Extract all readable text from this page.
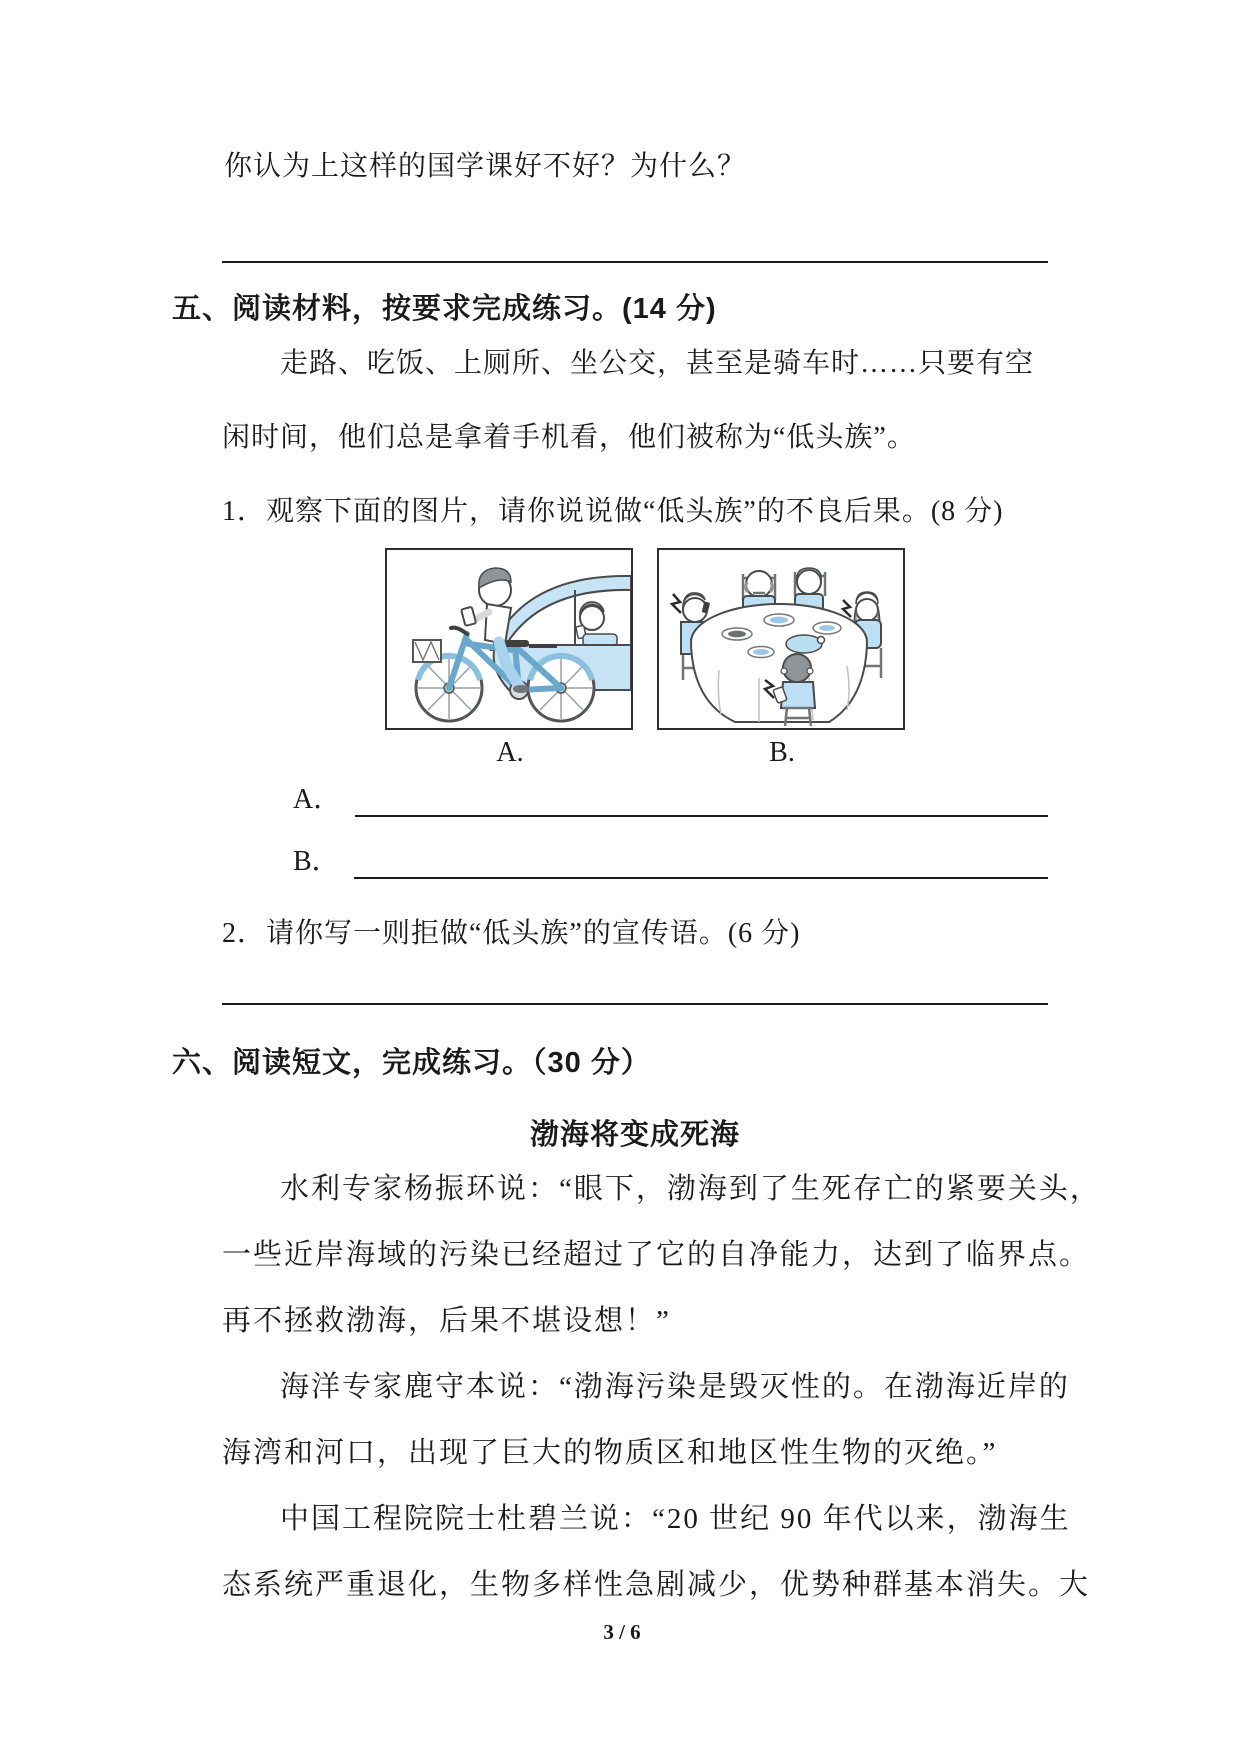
你认为上这样的国学课好不好？为什么？
五、阅读材料，按要求完成练习。(14 分)
走路、吃饭、上厕所、坐公交，甚至是骑车时……只要有空
闲时间，他们总是拿着手机看，他们被称为“低头族”。
1．观察下面的图片，请你说说做“低头族”的不良后果。(8 分)
A.	B.
A．
B．
2．请你写一则拒做“低头族”的宣传语。(6 分)
六、阅读短文，完成练习。（30 分）
渤海将变成死海
水利专家杨振环说：“眼下，渤海到了生死存亡的紧要关头，
一些近岸海域的污染已经超过了它的自净能力，达到了临界点。
再不拯救渤海，后果不堪设想！”
海洋专家鹿守本说：“渤海污染是毁灭性的。在渤海近岸的
海湾和河口，出现了巨大的物质区和地区性生物的灭绝。”
中国工程院院士杜碧兰说：“20 世纪 90 年代以来，渤海生
态系统严重退化，生物多样性急剧减少，优势种群基本消失。大
3 / 6
